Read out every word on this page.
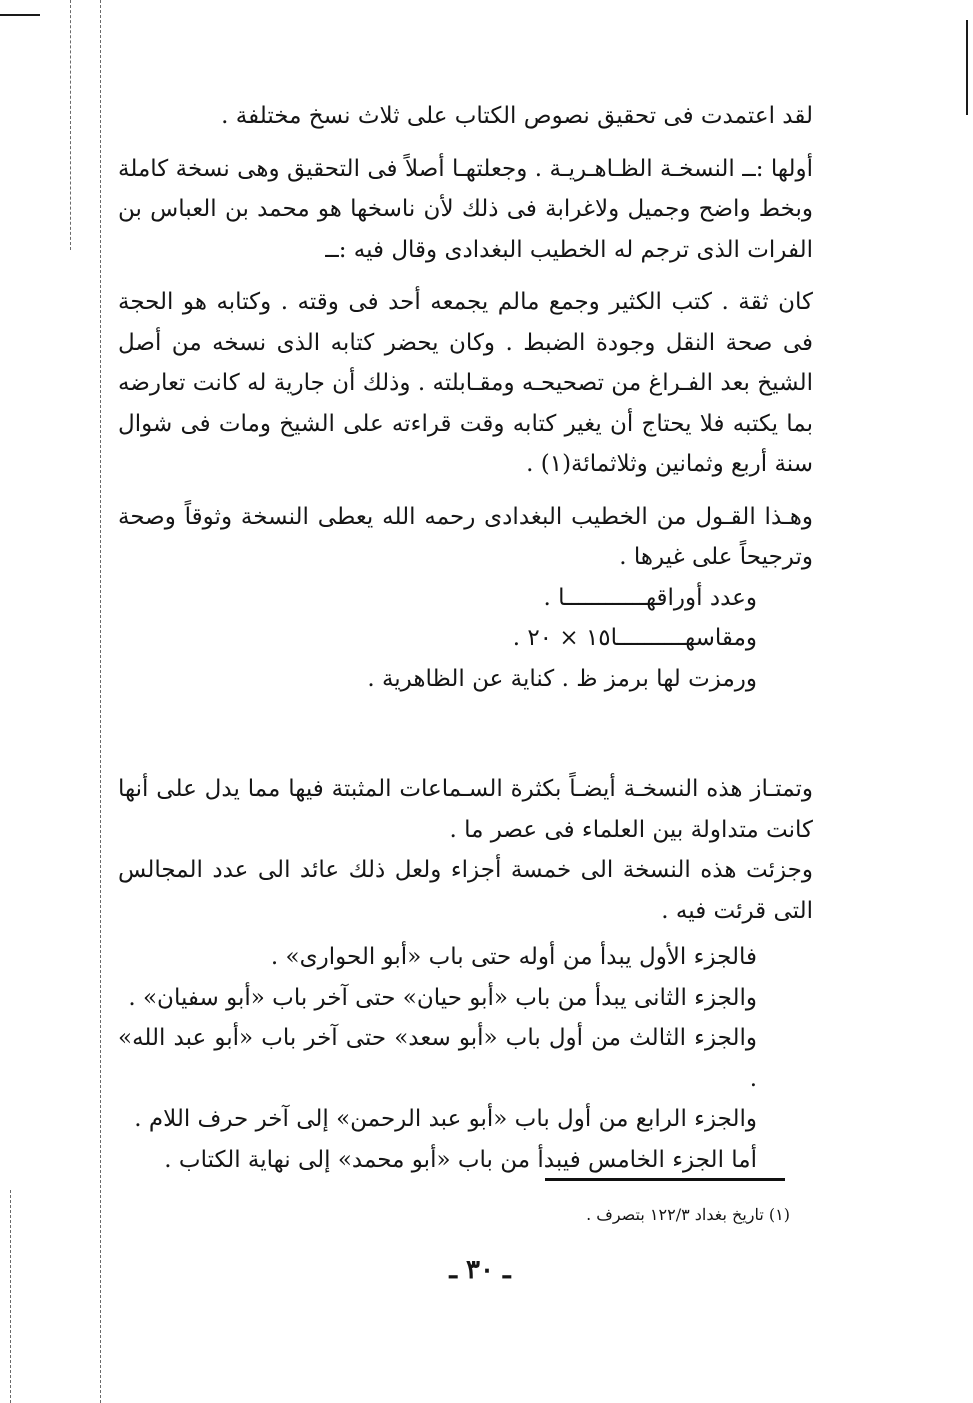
لقد اعتمدت فى تحقيق نصوص الكتاب على ثلاث نسخ مختلفة .

أولها :ــ النسخـة الظـاهـريـة . وجعلتهـا أصلاً فى التحقيق وهى نسخة كاملة وبخط واضح وجميل ولاغرابة فى ذلك لأن ناسخها هو محمد بن العباس بن الفرات الذى ترجم له الخطيب البغدادى وقال فيه :ــ

كان ثقة . كتب الكثير وجمع مالم يجمعه أحد فى وقته . وكتابه هو الحجة فى صحة النقل وجودة الضبط . وكان يحضر كتابه الذى نسخه من أصل الشيخ بعد الفـراغ من تصحيحـه ومقـابلته . وذلك أن جارية له كانت تعارضه بما يكتبه فلا يحتاج أن يغير كتابه وقت قراءته على الشيخ ومات فى شوال سنة أربع وثمانين وثلاثمائة(١) .

وهـذا القـول من الخطيب البغدادى رحمه الله يعطى النسخة وثوقاً وصحة وترجيحاً على غيرها .

وعدد أوراقهــــــــــــا .

ومقاسهــــــــــا١٥ × ٢٠ .

ورمزت لها برمز ظ . كناية عن الظاهرية .

وتمتـاز هذه النسخـة أيضـاً بكثرة السـماعات المثبتة فيها مما يدل على أنها كانت متداولة بين العلماء فى عصر ما .

وجزئت هذه النسخة الى خمسة أجزاء ولعل ذلك عائد الى عدد المجالس التى قرئت فيه .

فالجزء الأول يبدأ من أوله حتى باب «أبو الحوارى» .

والجزء الثانى يبدأ من باب «أبو حيان» حتى آخر باب «أبو سفيان» .

والجزء الثالث من أول باب «أبو سعد» حتى آخر باب «أبو عبد الله» .

والجزء الرابع من أول باب «أبو عبد الرحمن» إلى آخر حرف اللام .

أما الجزء الخامس فيبدأ من باب «أبو محمد» إلى نهاية الكتاب .

(١) تاريخ بغداد ١٢٢/٣ بتصرف .
ـ ٣٠ ـ
